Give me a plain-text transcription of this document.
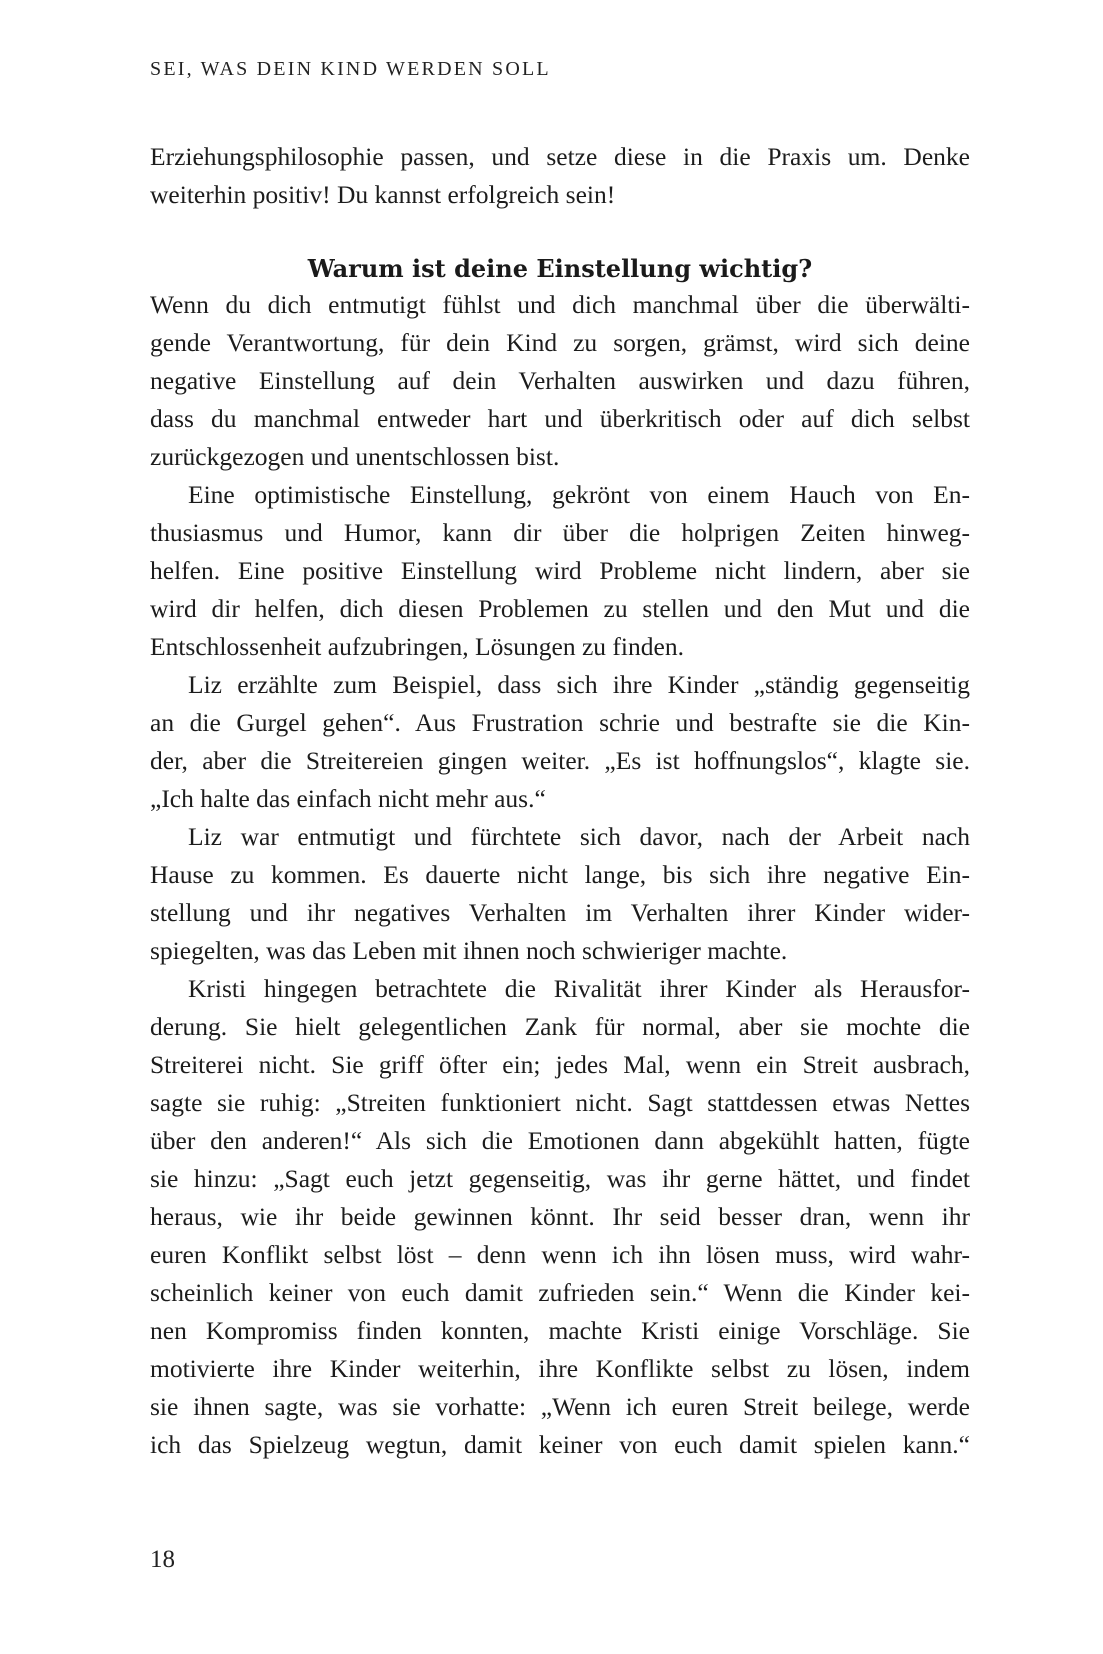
SEI, WAS DEIN KIND WERDEN SOLL
Erziehungsphilosophie passen, und setze diese in die Praxis um. Denke
weiterhin positiv! Du kannst erfolgreich sein!
Warum ist deine Einstellung wichtig?
Wenn du dich entmutigt fühlst und dich manchmal über die überwälti-
gende Verantwortung, für dein Kind zu sorgen, grämst, wird sich deine
negative Einstellung auf dein Verhalten auswirken und dazu führen,
dass du manchmal entweder hart und überkritisch oder auf dich selbst
zurückgezogen und unentschlossen bist.
Eine optimistische Einstellung, gekrönt von einem Hauch von En-
thusiasmus und Humor, kann dir über die holprigen Zeiten hinweg-
helfen. Eine positive Einstellung wird Probleme nicht lindern, aber sie
wird dir helfen, dich diesen Problemen zu stellen und den Mut und die
Entschlossenheit aufzubringen, Lösungen zu finden.
Liz erzählte zum Beispiel, dass sich ihre Kinder „ständig gegenseitig
an die Gurgel gehen“. Aus Frustration schrie und bestrafte sie die Kin-
der, aber die Streitereien gingen weiter. „Es ist hoffnungslos“, klagte sie.
„Ich halte das einfach nicht mehr aus.“
Liz war entmutigt und fürchtete sich davor, nach der Arbeit nach
Hause zu kommen. Es dauerte nicht lange, bis sich ihre negative Ein-
stellung und ihr negatives Verhalten im Verhalten ihrer Kinder wider-
spiegelten, was das Leben mit ihnen noch schwieriger machte.
Kristi hingegen betrachtete die Rivalität ihrer Kinder als Herausfor-
derung. Sie hielt gelegentlichen Zank für normal, aber sie mochte die
Streiterei nicht. Sie griff öfter ein; jedes Mal, wenn ein Streit ausbrach,
sagte sie ruhig: „Streiten funktioniert nicht. Sagt stattdessen etwas Nettes
über den anderen!“ Als sich die Emotionen dann abgekühlt hatten, fügte
sie hinzu: „Sagt euch jetzt gegenseitig, was ihr gerne hättet, und findet
heraus, wie ihr beide gewinnen könnt. Ihr seid besser dran, wenn ihr
euren Konflikt selbst löst – denn wenn ich ihn lösen muss, wird wahr-
scheinlich keiner von euch damit zufrieden sein.“ Wenn die Kinder kei-
nen Kompromiss finden konnten, machte Kristi einige Vorschläge. Sie
motivierte ihre Kinder weiterhin, ihre Konflikte selbst zu lösen, indem
sie ihnen sagte, was sie vorhatte: „Wenn ich euren Streit beilege, werde
ich das Spielzeug wegtun, damit keiner von euch damit spielen kann.“
18
